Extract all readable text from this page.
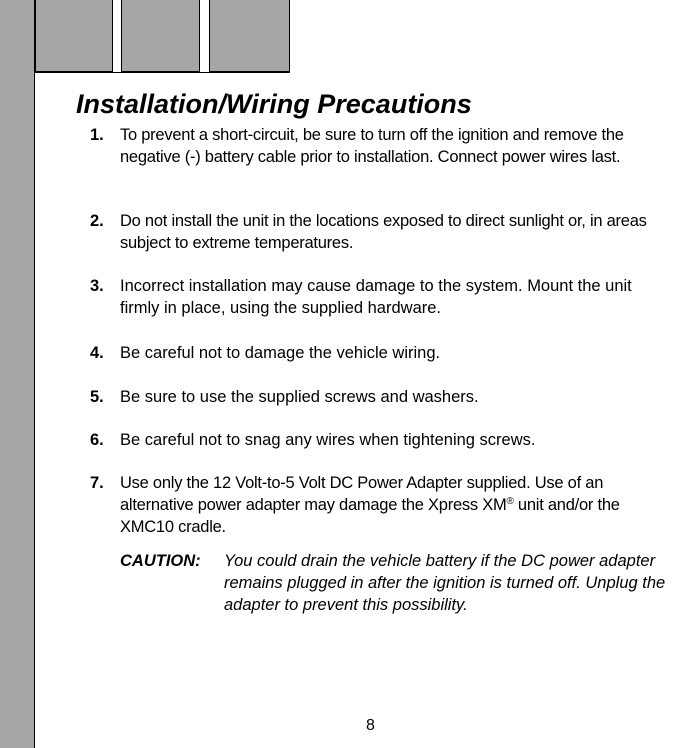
Installation/Wiring Precautions
1. To prevent a short-circuit, be sure to turn off the ignition and remove the negative (-) battery cable prior to installation. Connect power wires last.
2. Do not install the unit in the locations exposed to direct sunlight or, in areas subject to extreme temperatures.
3. Incorrect installation may cause damage to the system. Mount the unit firmly in place, using the supplied hardware.
4. Be careful not to damage the vehicle wiring.
5. Be sure to use the supplied screws and washers.
6. Be careful not to snag any wires when tightening screws.
7. Use only the 12 Volt-to-5 Volt DC Power Adapter supplied. Use of an alternative power adapter may damage the Xpress XM® unit and/or the XMC10 cradle.
CAUTION: You could drain the vehicle battery if the DC power adapter remains plugged in after the ignition is turned off. Unplug the adapter to prevent this possibility.
8
